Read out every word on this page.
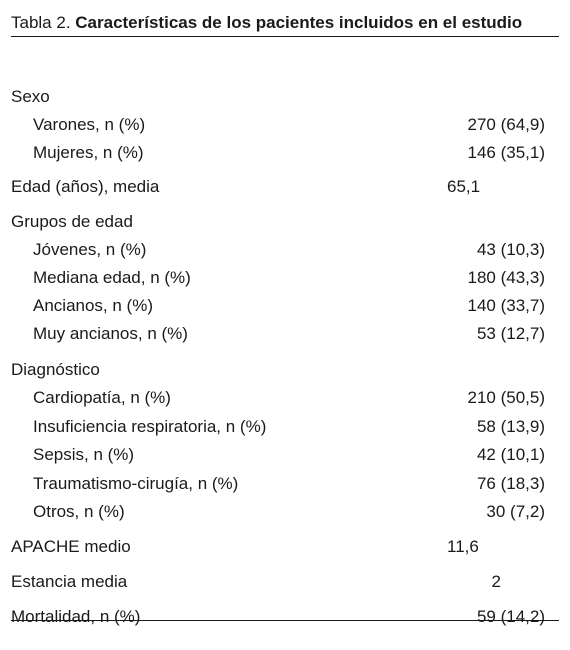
Tabla 2. Características de los pacientes incluidos en el estudio
Sexo
Varones, n (%)	270 (64,9)
Mujeres, n (%)	146 (35,1)
Edad (años), media	65,1
Grupos de edad
Jóvenes, n (%)	43 (10,3)
Mediana edad, n (%)	180 (43,3)
Ancianos, n (%)	140 (33,7)
Muy ancianos, n (%)	53 (12,7)
Diagnóstico
Cardiopatía, n (%)	210 (50,5)
Insuficiencia respiratoria, n (%)	58 (13,9)
Sepsis, n (%)	42 (10,1)
Traumatismo-cirugía, n (%)	76 (18,3)
Otros, n (%)	30 (7,2)
APACHE medio	11,6
Estancia media	2
Mortalidad, n (%)	59 (14,2)
